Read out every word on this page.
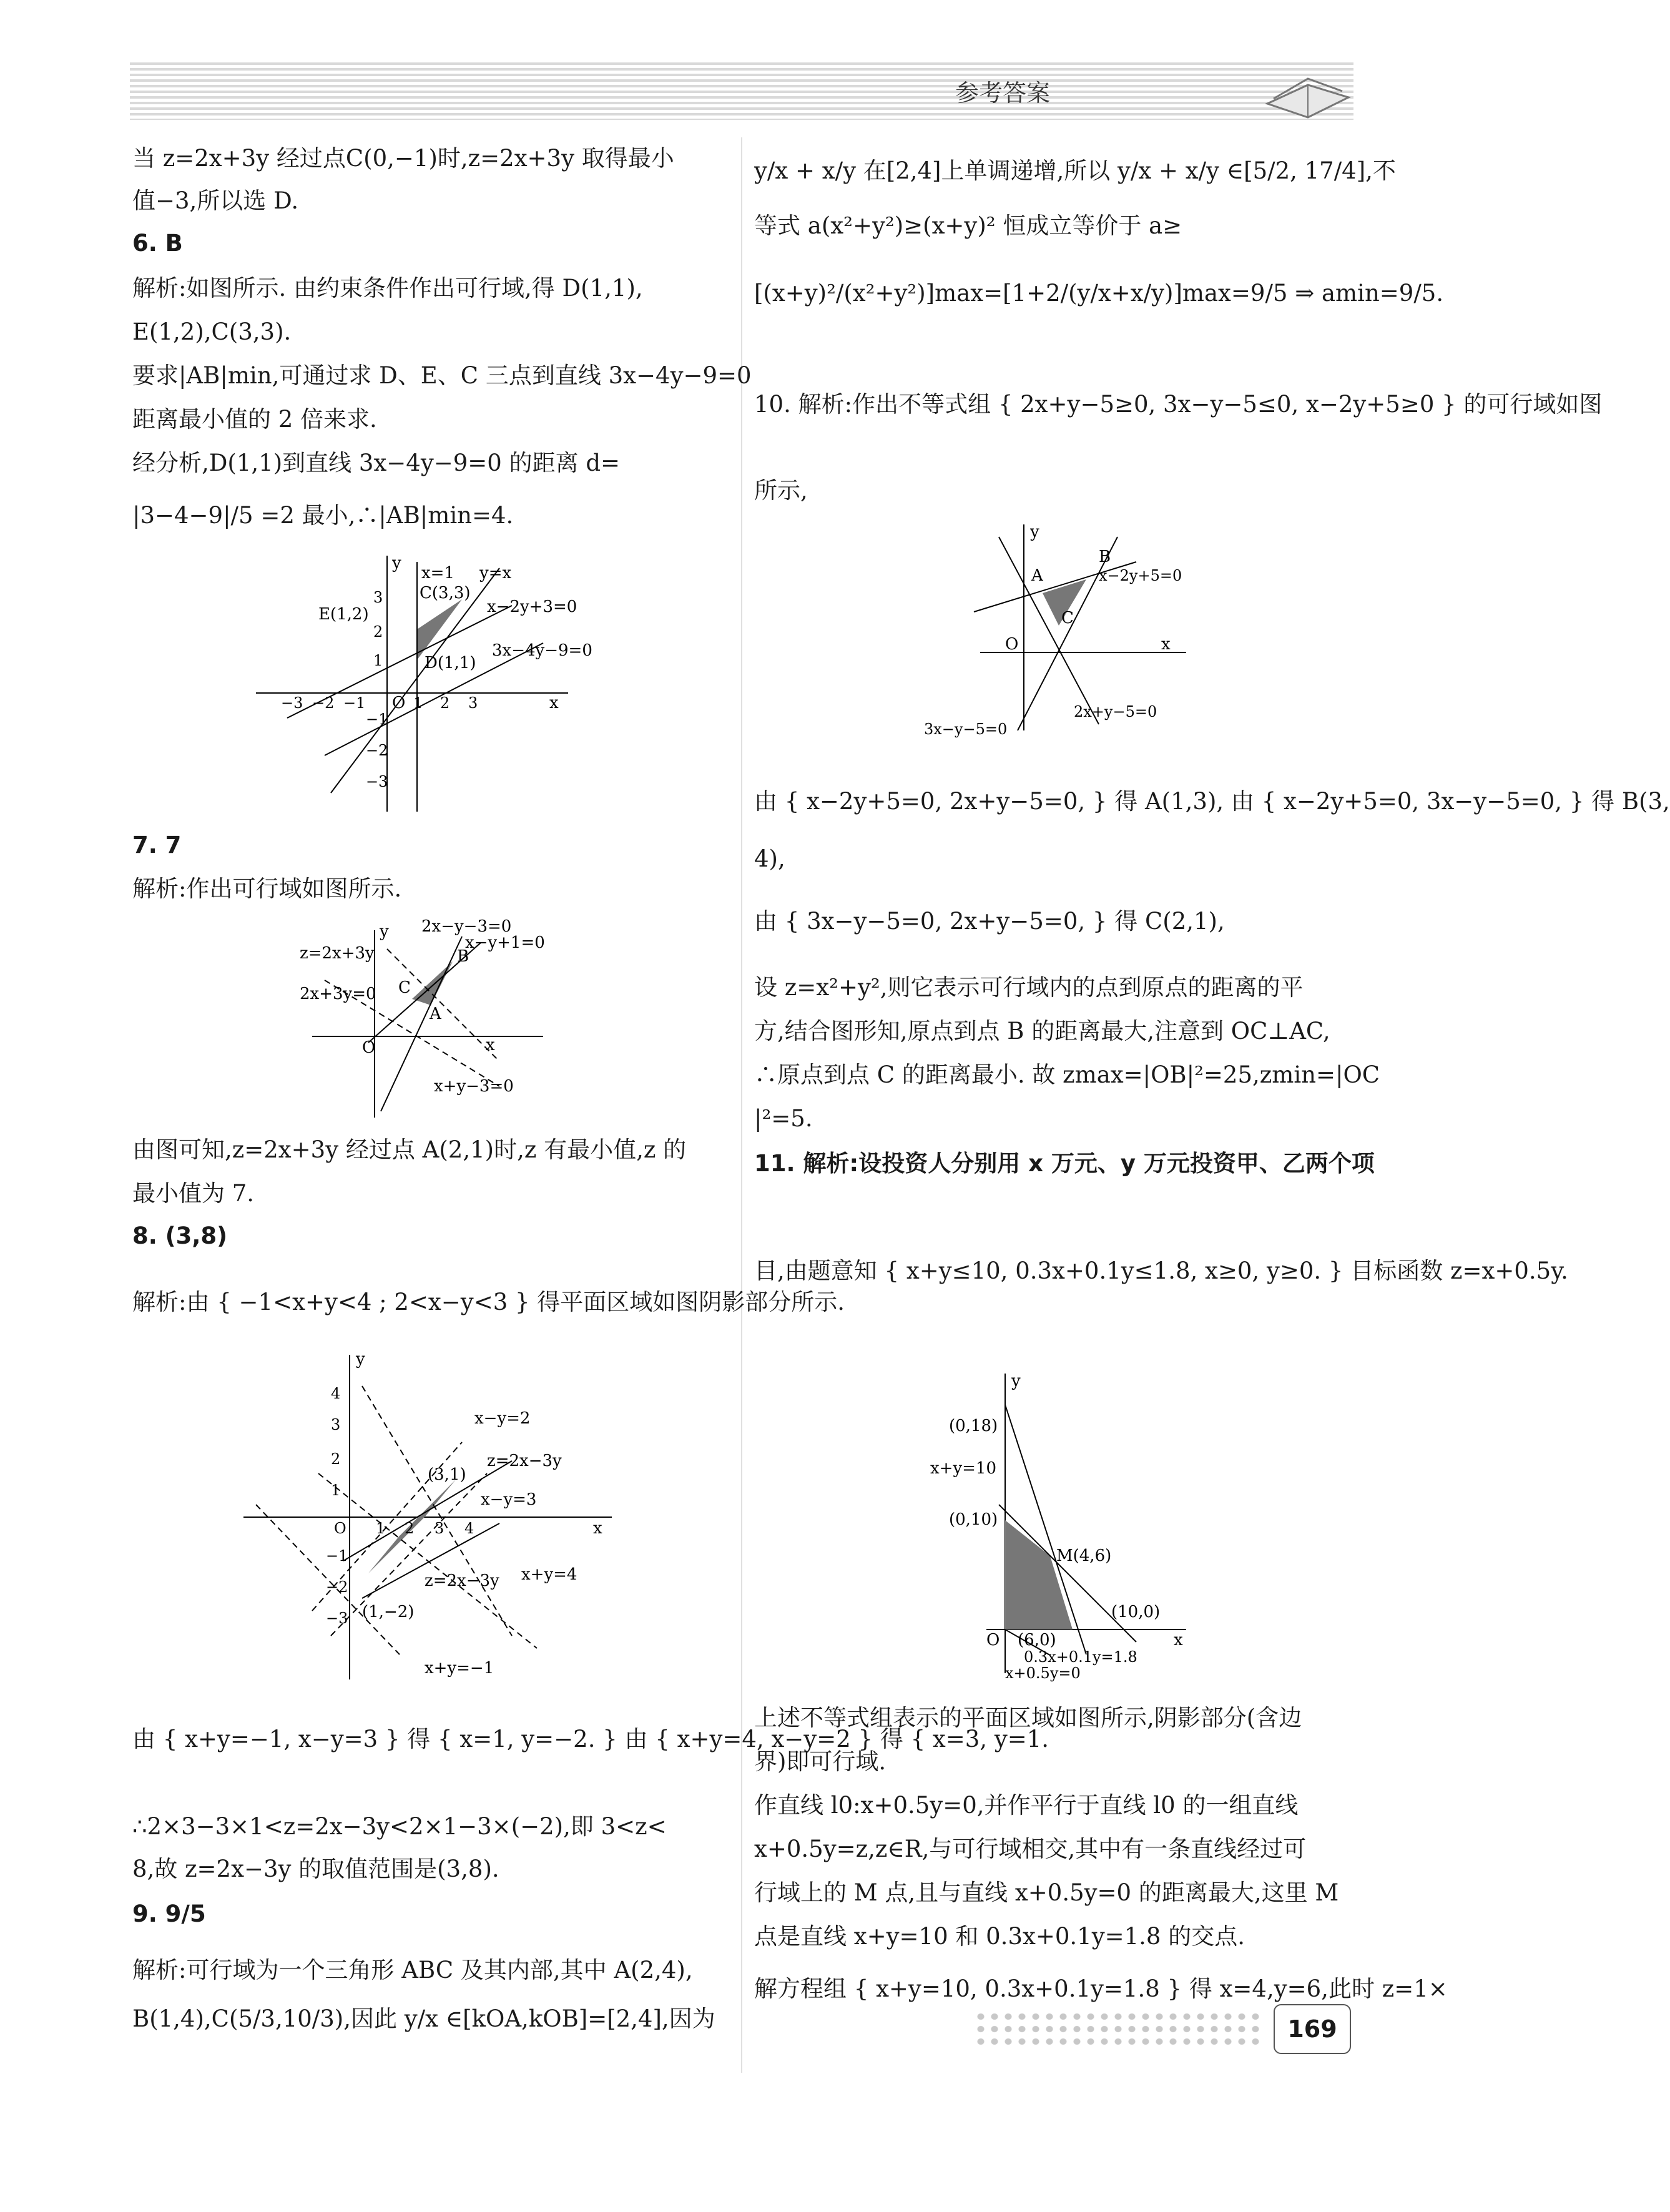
参考答案
当 z=2x+3y 经过点C(0,−1)时,z=2x+3y 取得最小
值−3,所以选 D.
6. B
解析:如图所示. 由约束条件作出可行域,得 D(1,1),
E(1,2),C(3,3).
要求|AB|min,可通过求 D、E、C 三点到直线 3x−4y−9=0
距离最小值的 2 倍来求.
经分析,D(1,1)到直线 3x−4y−9=0 的距离 d=
|3−4−9|/5 =2 最小,∴|AB|min=4.
y
x=1 y=x
C(3,3)
x−2y+3=0
E(1,2)
D(1,1)
3x−4y−9=0
O	x
3
2
1
−1
−2
−3
1 2 3
−3 −2 −1
7. 7
解析:作出可行域如图所示.
y 2x−y−3=0
z=2x+3y	B
x−y+1=0
C
2x+3y=0
A
O	x
x+y−3=0
由图可知,z=2x+3y 经过点 A(2,1)时,z 有最小值,z 的
最小值为 7.
8. (3,8)
解析:由 { −1<x+y<4 ; 2<x−y<3 } 得平面区域如图阴影部分所示.
y
4
3
2
1
O
−1
−2
−3
x
1 2 3 4
x−y=2
(3,1)
z=2x−3y
x−y=3
x+y=4
z=2x−3y
(1,−2)
x+y=−1
由 { x+y=−1, x−y=3 } 得 { x=1, y=−2. } 由 { x+y=4, x−y=2 } 得 { x=3, y=1.
∴2×3−3×1<z=2x−3y<2×1−3×(−2),即 3<z<
8,故 z=2x−3y 的取值范围是(3,8).
9. 9/5
解析:可行域为一个三角形 ABC 及其内部,其中 A(2,4),
B(1,4),C(5/3,10/3),因此 y/x ∈[kOA,kOB]=[2,4],因为
y/x + x/y 在[2,4]上单调递增,所以 y/x + x/y ∈[5/2, 17/4],不
等式 a(x²+y²)≥(x+y)² 恒成立等价于 a≥
[(x+y)²/(x²+y²)]max=[1+2/(y/x+x/y)]max=9/5 ⇒ amin=9/5.
10. 解析:作出不等式组 { 2x+y−5≥0, 3x−y−5≤0, x−2y+5≥0 } 的可行域如图
所示,
y
B
A	x−2y+5=0
C
O	x
2x+y−5=0
3x−y−5=0
由 { x−2y+5=0, 2x+y−5=0, } 得 A(1,3), 由 { x−2y+5=0, 3x−y−5=0, } 得 B(3,
4),
由 { 3x−y−5=0, 2x+y−5=0, } 得 C(2,1),
设 z=x²+y²,则它表示可行域内的点到原点的距离的平
方,结合图形知,原点到点 B 的距离最大,注意到 OC⊥AC,
∴原点到点 C 的距离最小. 故 zmax=|OB|²=25,zmin=|OC
|²=5.
11. 解析:设投资人分别用 x 万元、y 万元投资甲、乙两个项
目,由题意知 { x+y≤10, 0.3x+0.1y≤1.8, x≥0, y≥0. } 目标函数 z=x+0.5y.
y
(0,18)
x+y=10
(0,10)
M(4,6)
(10,0)
O (6,0)	x
0.3x+0.1y=1.8
x+0.5y=0
上述不等式组表示的平面区域如图所示,阴影部分(含边
界)即可行域.
作直线 l0:x+0.5y=0,并作平行于直线 l0 的一组直线
x+0.5y=z,z∈R,与可行域相交,其中有一条直线经过可
行域上的 M 点,且与直线 x+0.5y=0 的距离最大,这里 M
点是直线 x+y=10 和 0.3x+0.1y=1.8 的交点.
解方程组 { x+y=10, 0.3x+0.1y=1.8 } 得 x=4,y=6,此时 z=1×
169
